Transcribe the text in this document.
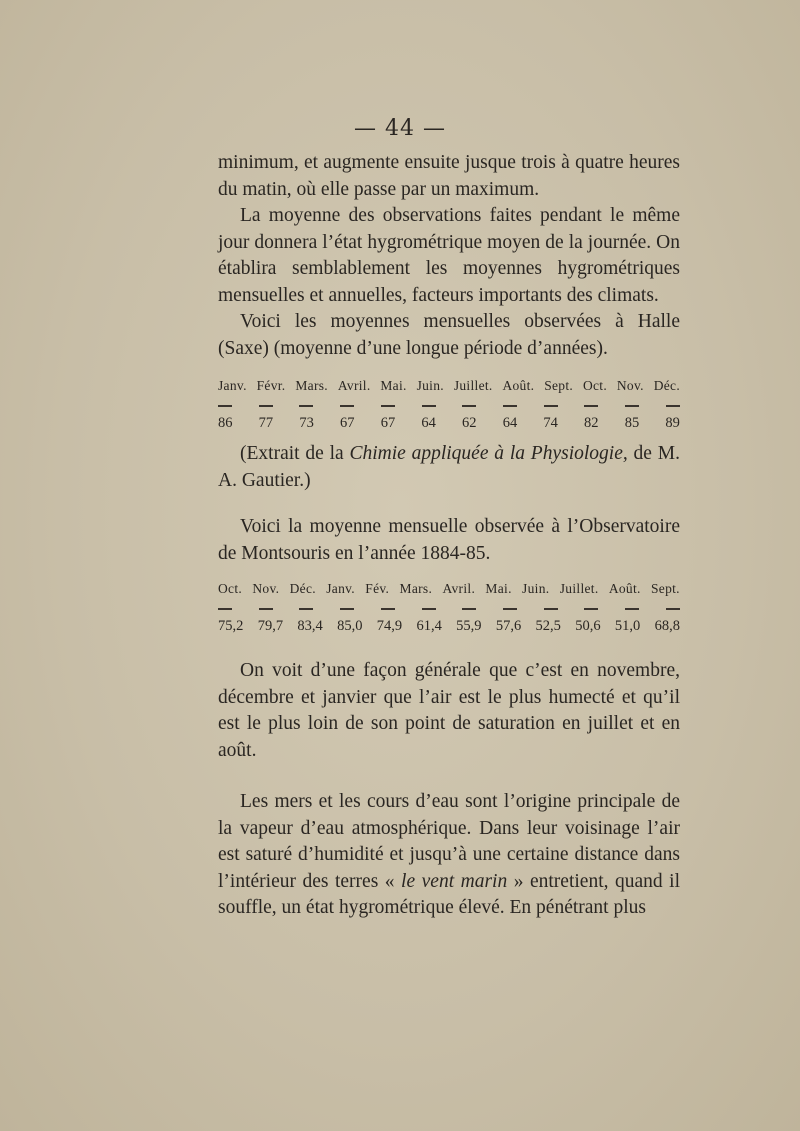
— 44 —

minimum, et augmente ensuite jusque trois à quatre heures du matin, où elle passe par un maximum.

La moyenne des observations faites pendant le même jour donnera l’état hygrométrique moyen de la journée. On établira semblablement les moyennes hygrométriques mensuelles et annuelles, facteurs importants des climats.

Voici les moyennes mensuelles observées à Halle (Saxe) (moyenne d’une longue période d’années).

Janv. Févr. Mars. Avril. Mai. Juin. Juillet. Août. Sept. Oct. Nov. Déc.
86 77 73 67 67 64 62 64 74 82 85 89

(Extrait de la Chimie appliquée à la Physiologie, de M. A. Gautier.)

Voici la moyenne mensuelle observée à l’Observatoire de Montsouris en l’année 1884-85.

Oct. Nov. Déc. Janv. Fév. Mars. Avril. Mai. Juin. Juillet. Août. Sept.
75,2 79,7 83,4 85,0 74,9 61,4 55,9 57,6 52,5 50,6 51,0 68,8

On voit d’une façon générale que c’est en novembre, décembre et janvier que l’air est le plus humecté et qu’il est le plus loin de son point de saturation en juillet et en août.

Les mers et les cours d’eau sont l’origine principale de la vapeur d’eau atmosphérique. Dans leur voisinage l’air est saturé d’humidité et jusqu’à une certaine distance dans l’intérieur des terres « le vent marin » entretient, quand il souffle, un état hygrométrique élevé. En pénétrant plus
